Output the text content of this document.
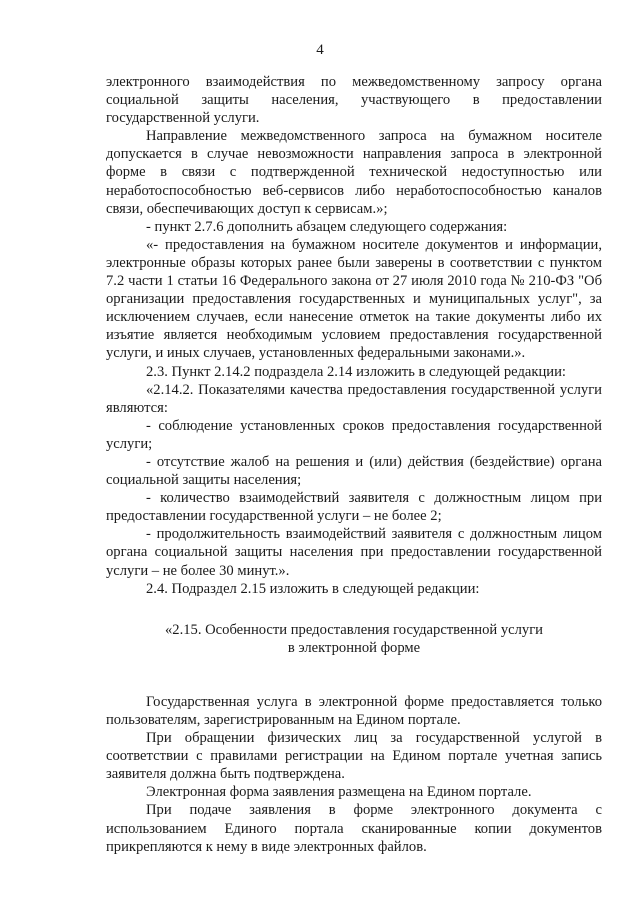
4

электронного взаимодействия по межведомственному запросу органа социальной защиты населения, участвующего в предоставлении государственной услуги.

Направление межведомственного запроса на бумажном носителе допускается в случае невозможности направления запроса в электронной форме в связи с подтвержденной технической недоступностью или неработоспособностью веб-сервисов либо неработоспособностью каналов связи, обеспечивающих доступ к сервисам.»;

- пункт 2.7.6 дополнить абзацем следующего содержания:

«- предоставления на бумажном носителе документов и информации, электронные образы которых ранее были заверены в соответствии с пунктом 7.2 части 1 статьи 16 Федерального закона от 27 июля 2010 года № 210-ФЗ "Об организации предоставления государственных и муниципальных услуг", за исключением случаев, если нанесение отметок на такие документы либо их изъятие является необходимым условием предоставления государственной услуги, и иных случаев, установленных федеральными законами.».

2.3. Пункт 2.14.2 подраздела 2.14 изложить в следующей редакции:

«2.14.2. Показателями качества предоставления государственной услуги являются:

- соблюдение установленных сроков предоставления государственной услуги;

- отсутствие жалоб на решения и (или) действия (бездействие) органа социальной защиты населения;

- количество взаимодействий заявителя с должностным лицом при предоставлении государственной услуги – не более 2;

- продолжительность взаимодействий заявителя с должностным лицом органа социальной защиты населения при предоставлении государственной услуги – не более 30 минут.».

2.4. Подраздел 2.15 изложить в следующей редакции:

«2.15. Особенности предоставления государственной услуги

в электронной форме

Государственная услуга в электронной форме предоставляется только пользователям, зарегистрированным на Едином портале.

При обращении физических лиц за государственной услугой в соответствии с правилами регистрации на Едином портале учетная запись заявителя должна быть подтверждена.

Электронная форма заявления размещена на Едином портале.

При подаче заявления в форме электронного документа с использованием Единого портала сканированные копии документов прикрепляются к нему в виде электронных файлов.
